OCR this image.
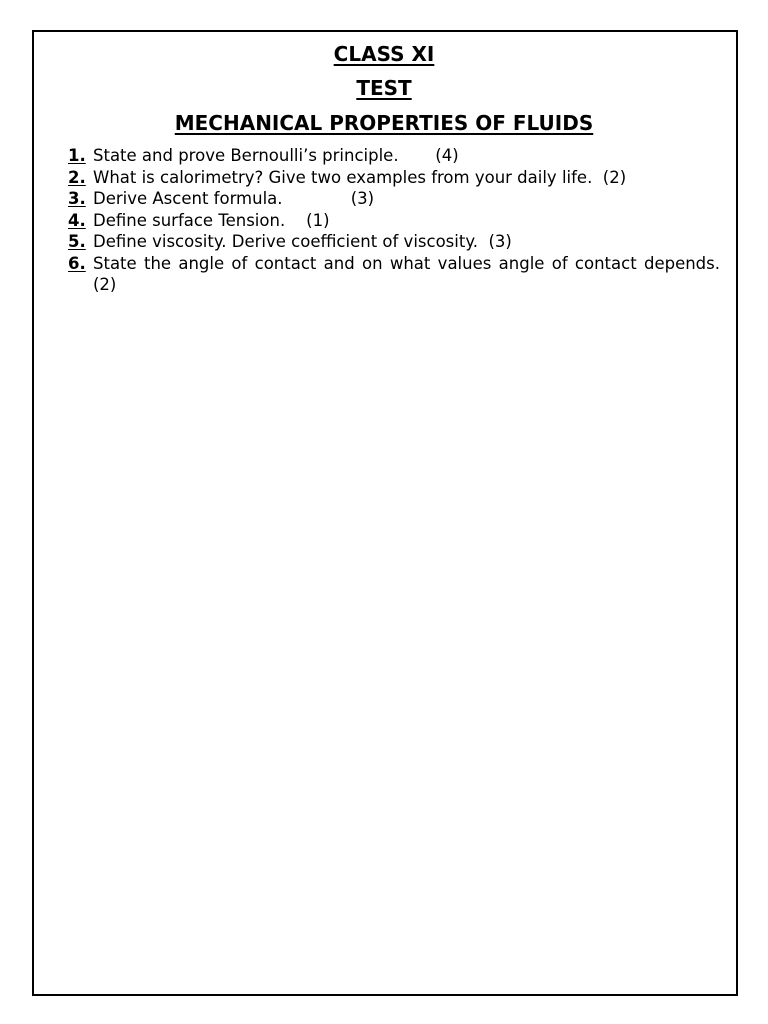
CLASS XI
TEST
MECHANICAL PROPERTIES OF FLUIDS
1. State and prove Bernoulli’s principle.       (4)
2. What is calorimetry? Give two examples from your daily life.  (2)
3. Derive Ascent formula.             (3)
4. Define surface Tension.    (1)
5. Define viscosity. Derive coefficient of viscosity.  (3)
6. State the angle of contact and on what values angle of contact depends. (2)
